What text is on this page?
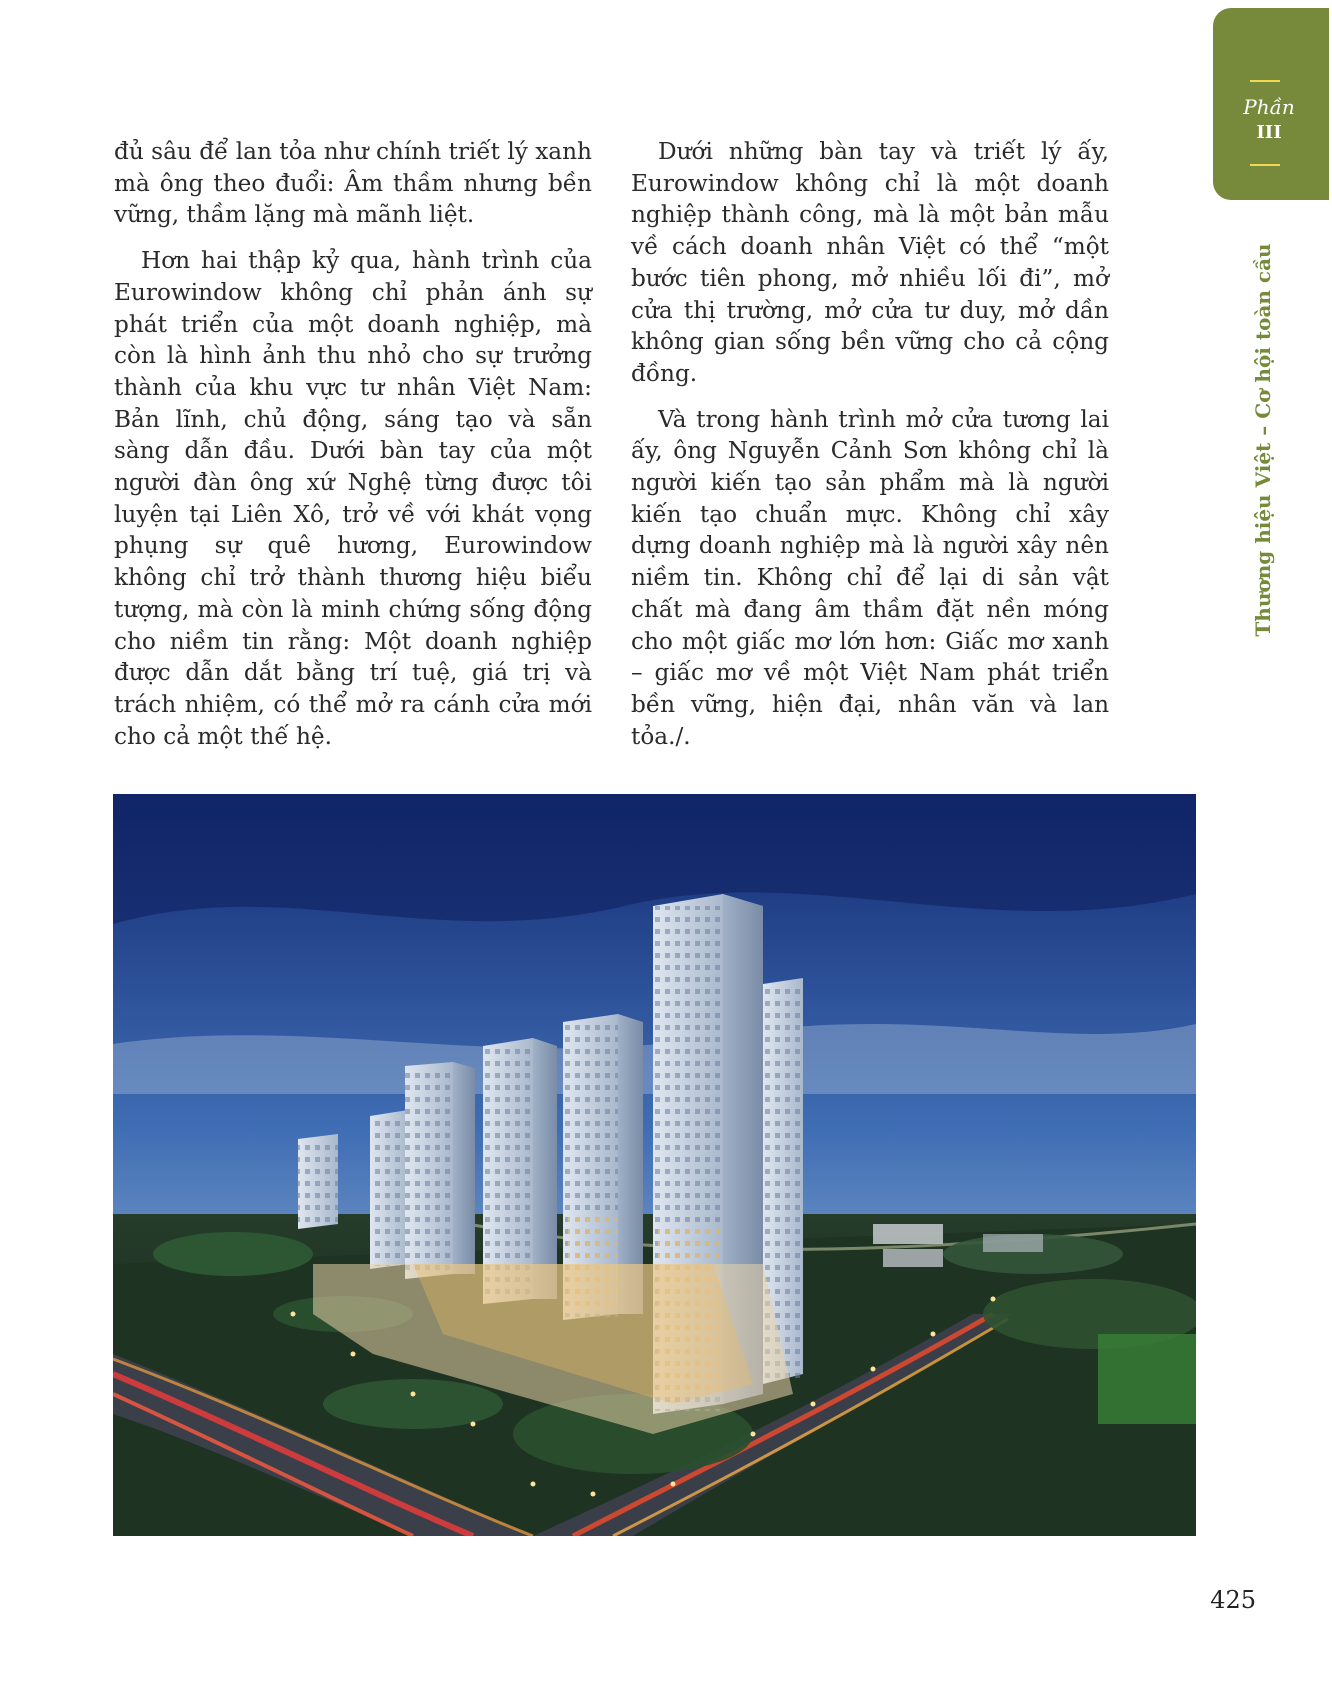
Phần
III
Thương hiệu Việt – Cơ hội toàn cầu

đủ sâu để lan tỏa như chính triết lý xanh mà ông theo đuổi: Âm thầm nhưng bền vững, thầm lặng mà mãnh liệt.

Hơn hai thập kỷ qua, hành trình của Eurowindow không chỉ phản ánh sự phát triển của một doanh nghiệp, mà còn là hình ảnh thu nhỏ cho sự trưởng thành của khu vực tư nhân Việt Nam: Bản lĩnh, chủ động, sáng tạo và sẵn sàng dẫn đầu. Dưới bàn tay của một người đàn ông xứ Nghệ từng được tôi luyện tại Liên Xô, trở về với khát vọng phụng sự quê hương, Eurowindow không chỉ trở thành thương hiệu biểu tượng, mà còn là minh chứng sống động cho niềm tin rằng: Một doanh nghiệp được dẫn dắt bằng trí tuệ, giá trị và trách nhiệm, có thể mở ra cánh cửa mới cho cả một thế hệ.

Dưới những bàn tay và triết lý ấy, Eurowindow không chỉ là một doanh nghiệp thành công, mà là một bản mẫu về cách doanh nhân Việt có thể “một bước tiên phong, mở nhiều lối đi”, mở cửa thị trường, mở cửa tư duy, mở dần không gian sống bền vững cho cả cộng đồng.

Và trong hành trình mở cửa tương lai ấy, ông Nguyễn Cảnh Sơn không chỉ là người kiến tạo sản phẩm mà là người kiến tạo chuẩn mực. Không chỉ xây dựng doanh nghiệp mà là người xây nên niềm tin. Không chỉ để lại di sản vật chất mà đang âm thầm đặt nền móng cho một giấc mơ lớn hơn: Giấc mơ xanh – giấc mơ về một Việt Nam phát triển bền vững, hiện đại, nhân văn và lan tỏa./.

425
